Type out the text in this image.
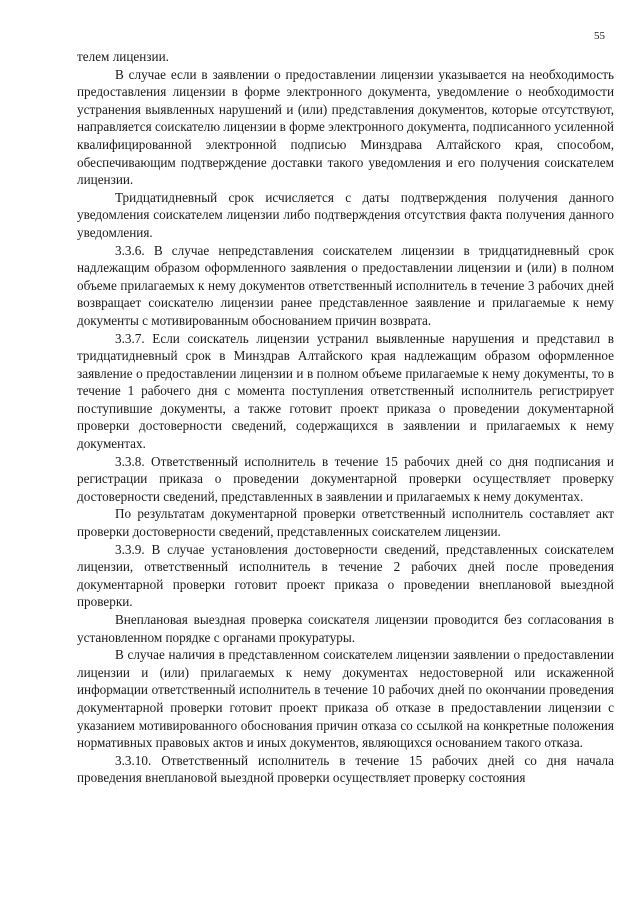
55

телем лицензии.

В случае если в заявлении о предоставлении лицензии указывается на необходимость предоставления лицензии в форме электронного документа, уведомление о необходимости устранения выявленных нарушений и (или) представления документов, которые отсутствуют, направляется соискателю лицензии в форме электронного документа, подписанного усиленной квалифицированной электронной подписью Минздрава Алтайского края, способом, обеспечивающим подтверждение доставки такого уведомления и его получения соискателем лицензии.

Тридцатидневный срок исчисляется с даты подтверждения получения данного уведомления соискателем лицензии либо подтверждения отсутствия факта получения данного уведомления.

3.3.6. В случае непредставления соискателем лицензии в тридцатидневный срок надлежащим образом оформленного заявления о предоставлении лицензии и (или) в полном объеме прилагаемых к нему документов ответственный исполнитель в течение 3 рабочих дней возвращает соискателю лицензии ранее представленное заявление и прилагаемые к нему документы с мотивированным обоснованием причин возврата.

3.3.7. Если соискатель лицензии устранил выявленные нарушения и представил в тридцатидневный срок в Минздрав Алтайского края надлежащим образом оформленное заявление о предоставлении лицензии и в полном объеме прилагаемые к нему документы, то в течение 1 рабочего дня с момента поступления ответственный исполнитель регистрирует поступившие документы, а также готовит проект приказа о проведении документарной проверки достоверности сведений, содержащихся в заявлении и прилагаемых к нему документах.

3.3.8. Ответственный исполнитель в течение 15 рабочих дней со дня подписания и регистрации приказа о проведении документарной проверки осуществляет проверку достоверности сведений, представленных в заявлении и прилагаемых к нему документах.

По результатам документарной проверки ответственный исполнитель составляет акт проверки достоверности сведений, представленных соискателем лицензии.

3.3.9. В случае установления достоверности сведений, представленных соискателем лицензии, ответственный исполнитель в течение 2 рабочих дней после проведения документарной проверки готовит проект приказа о проведении внеплановой выездной проверки.

Внеплановая выездная проверка соискателя лицензии проводится без согласования в установленном порядке с органами прокуратуры.

В случае наличия в представленном соискателем лицензии заявлении о предоставлении лицензии и (или) прилагаемых к нему документах недостоверной или искаженной информации ответственный исполнитель в течение 10 рабочих дней по окончании проведения документарной проверки готовит проект приказа об отказе в предоставлении лицензии с указанием мотивированного обоснования причин отказа со ссылкой на конкретные положения нормативных правовых актов и иных документов, являющихся основанием такого отказа.

3.3.10. Ответственный исполнитель в течение 15 рабочих дней со дня начала проведения внеплановой выездной проверки осуществляет проверку состояния
